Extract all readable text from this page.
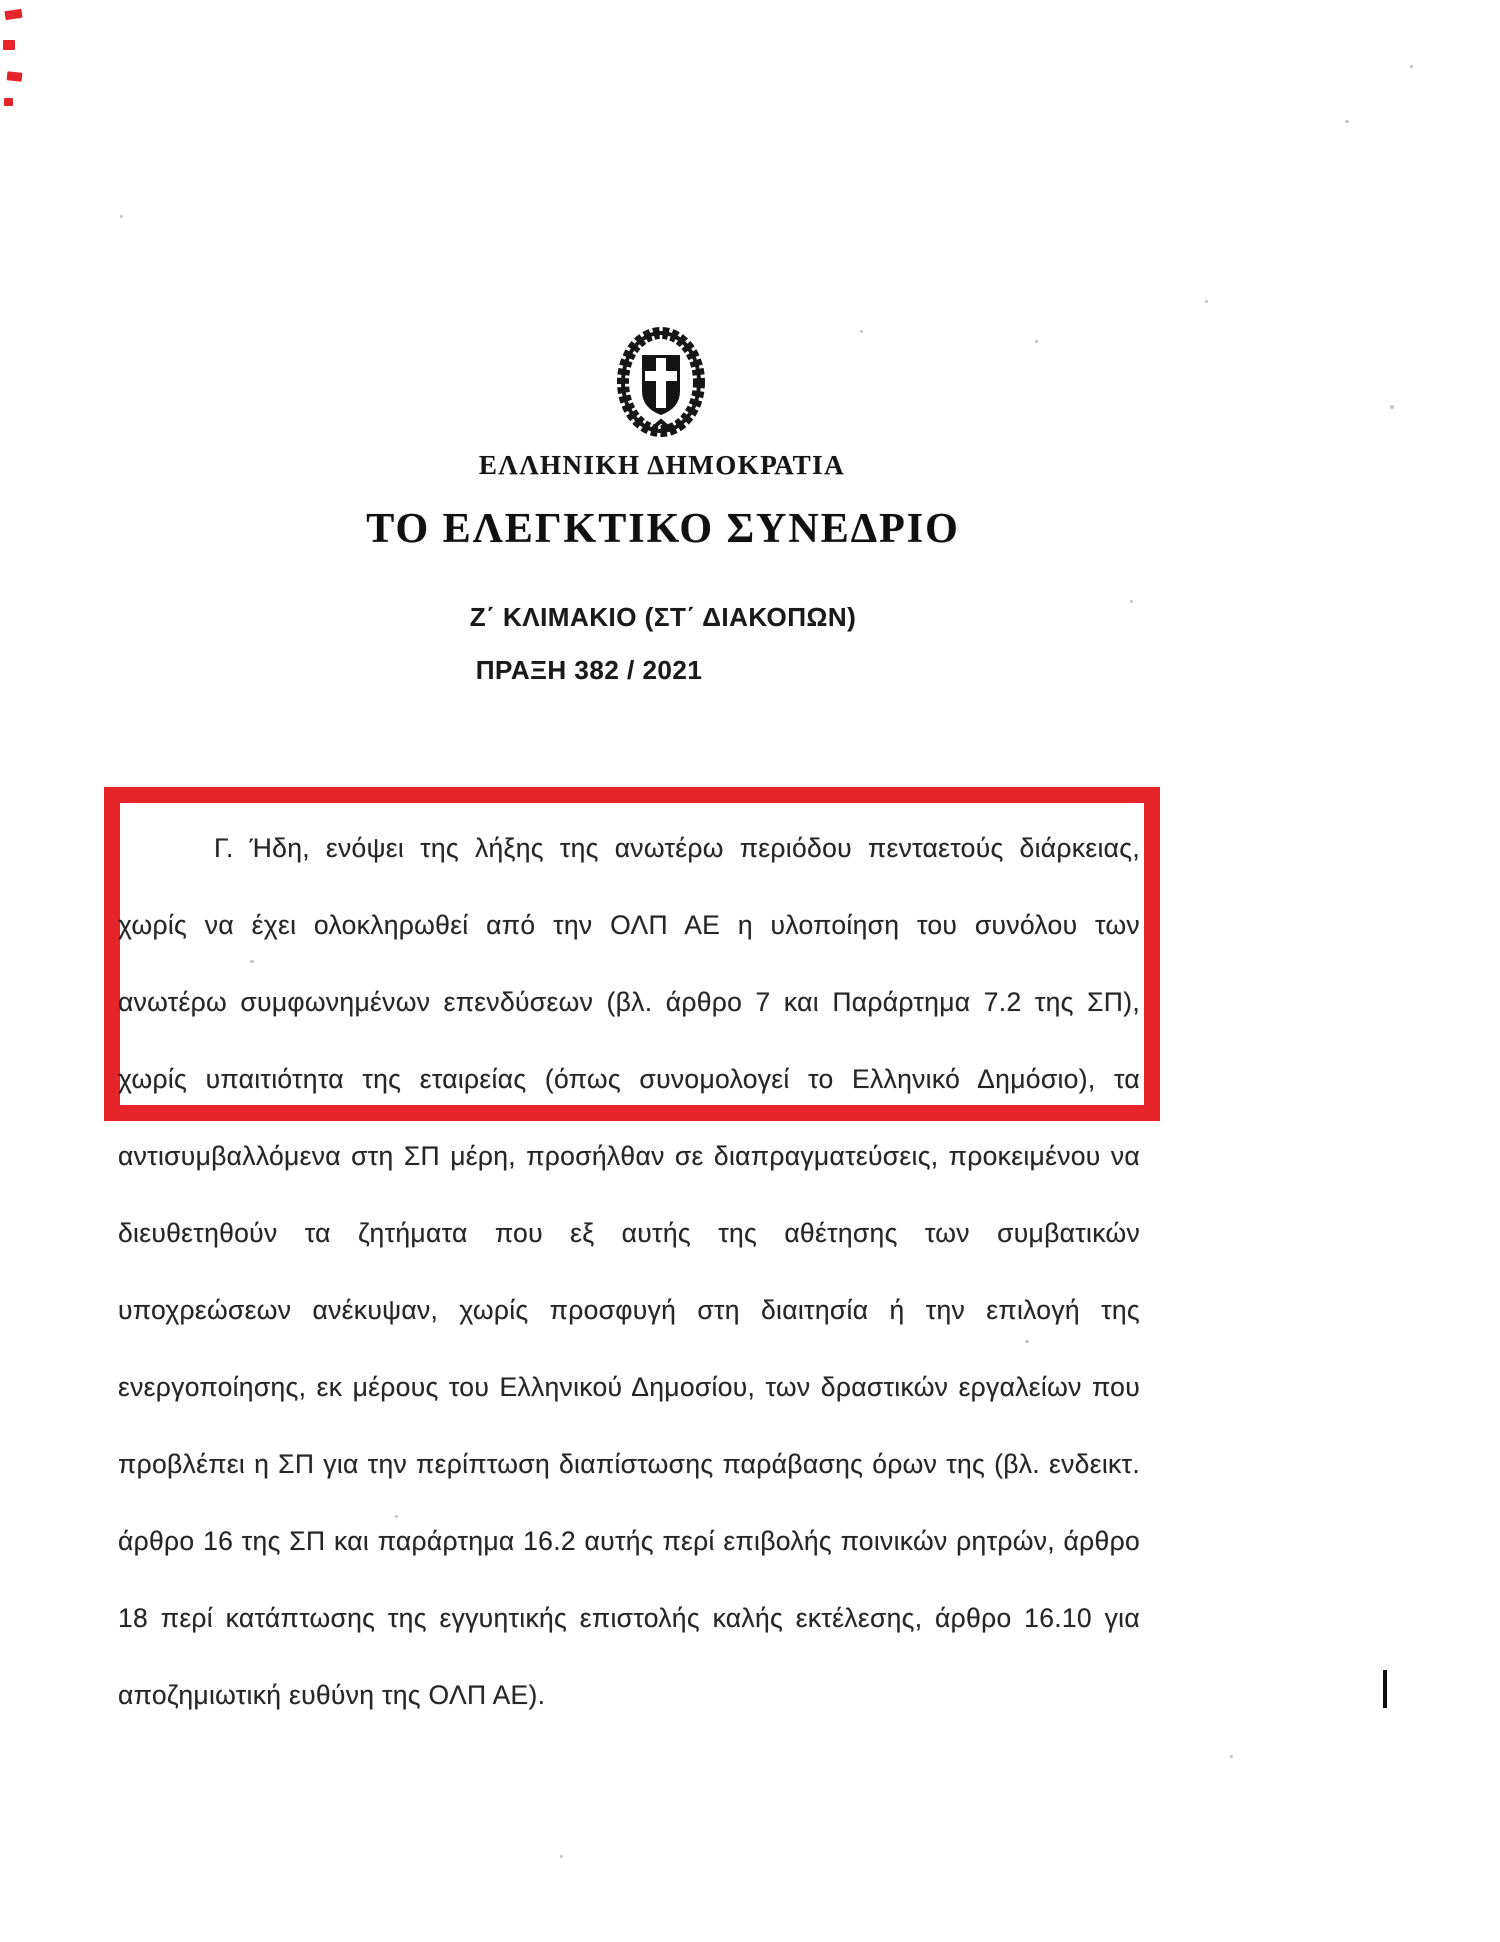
ΕΛΛΗΝΙΚΗ ΔΗΜΟΚΡΑΤΙΑ
ΤΟ ΕΛΕΓΚΤΙΚΟ ΣΥΝΕΔΡΙΟ
Ζ΄ ΚΛΙΜΑΚΙΟ (ΣΤ΄ ΔΙΑΚΟΠΩΝ)
ΠΡΑΞΗ 382 / 2021
Γ. Ήδη, ενόψει της λήξης της ανωτέρω περιόδου πενταετούς διάρκειας,
χωρίς να έχει ολοκληρωθεί από την ΟΛΠ ΑΕ η υλοποίηση του συνόλου των
ανωτέρω συμφωνημένων επενδύσεων (βλ. άρθρο 7 και Παράρτημα 7.2 της ΣΠ),
χωρίς υπαιτιότητα της εταιρείας (όπως συνομολογεί το Ελληνικό Δημόσιο), τα
αντισυμβαλλόμενα στη ΣΠ μέρη, προσήλθαν σε διαπραγματεύσεις, προκειμένου να
διευθετηθούν τα ζητήματα που εξ αυτής της αθέτησης των συμβατικών
υποχρεώσεων ανέκυψαν, χωρίς προσφυγή στη διαιτησία ή την επιλογή της
ενεργοποίησης, εκ μέρους του Ελληνικού Δημοσίου, των δραστικών εργαλείων που
προβλέπει η ΣΠ για την περίπτωση διαπίστωσης παράβασης όρων της (βλ. ενδεικτ.
άρθρο 16 της ΣΠ και παράρτημα 16.2 αυτής περί επιβολής ποινικών ρητρών, άρθρο
18 περί κατάπτωσης της εγγυητικής επιστολής καλής εκτέλεσης, άρθρο 16.10 για
αποζημιωτική ευθύνη της ΟΛΠ ΑΕ).
